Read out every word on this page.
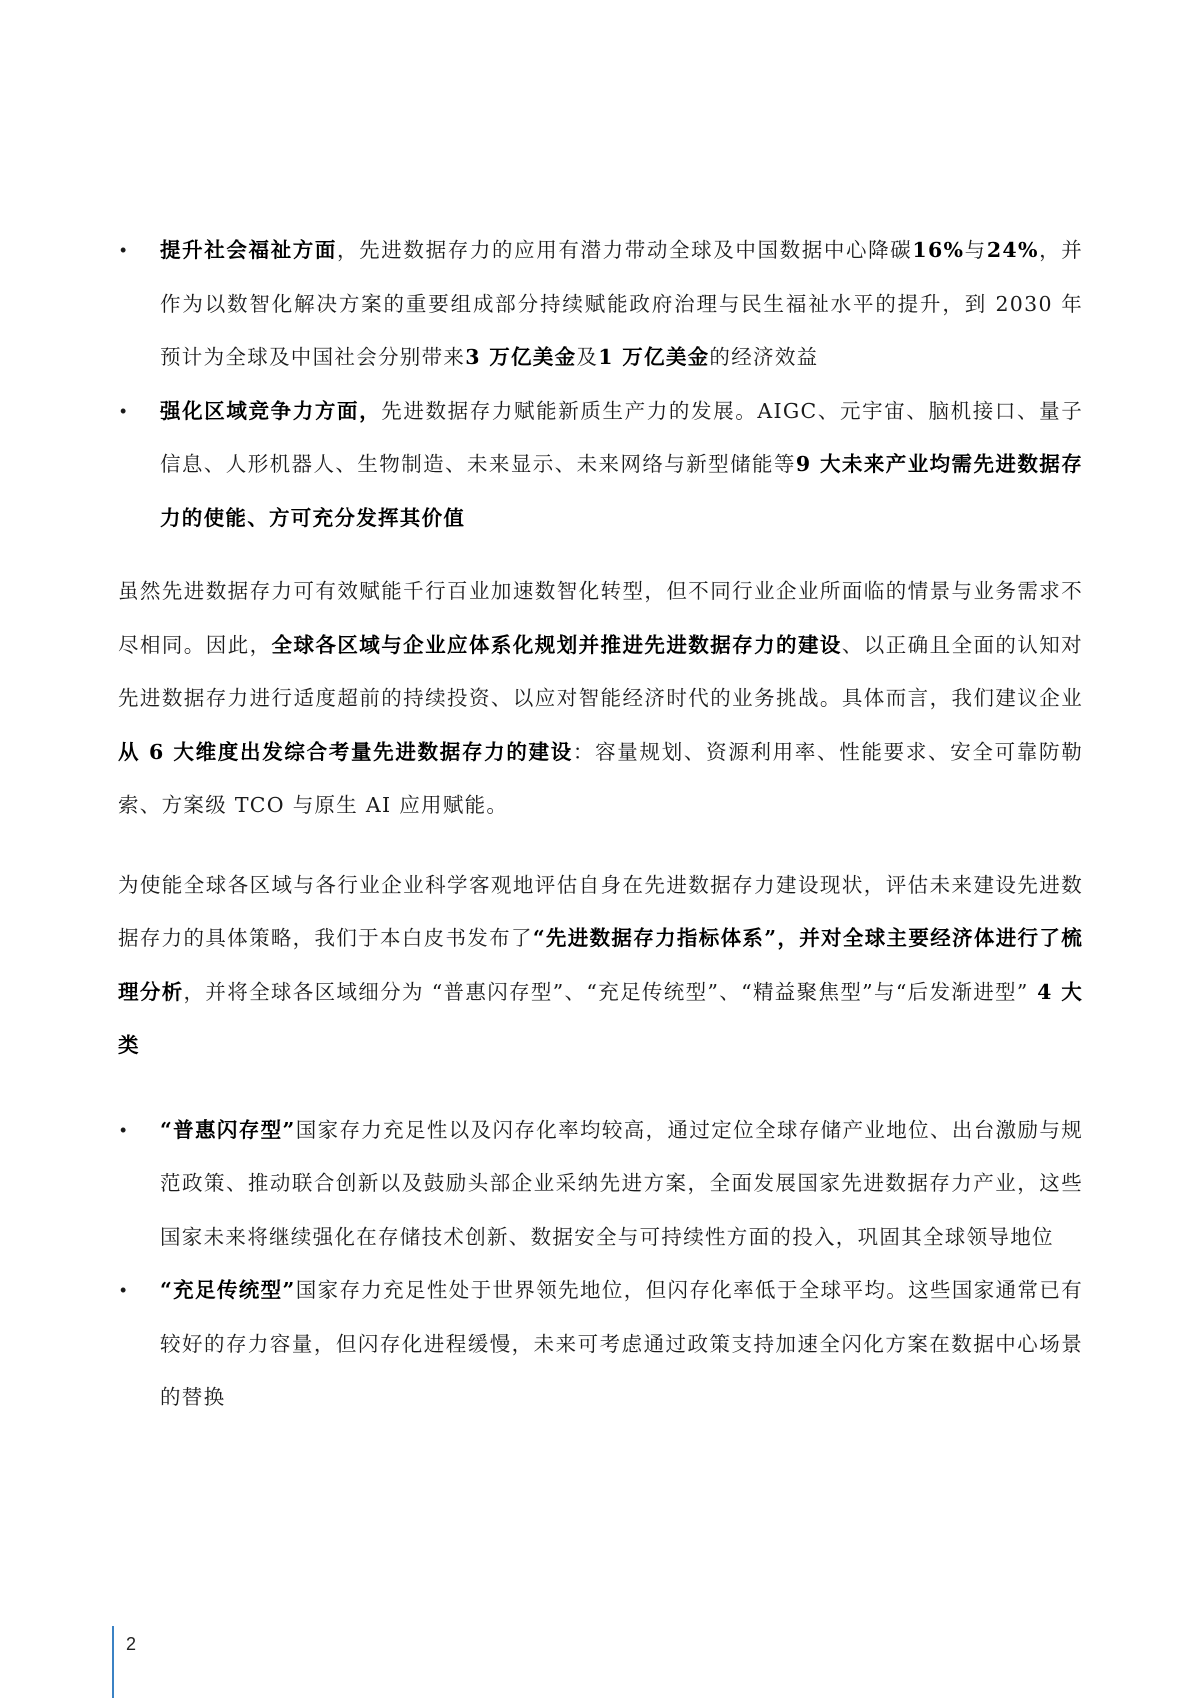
• 提升社会福祉方面，先进数据存力的应用有潜力带动全球及中国数据中心降碳16%与24%，并作为以数智化解决方案的重要组成部分持续赋能政府治理与民生福祉水平的提升，到 2030 年预计为全球及中国社会分别带来3 万亿美金及1 万亿美金的经济效益
• 强化区域竞争力方面，先进数据存力赋能新质生产力的发展。AIGC、元宇宙、脑机接口、量子信息、人形机器人、生物制造、未来显示、未来网络与新型储能等9 大未来产业均需先进数据存力的使能、方可充分发挥其价值

虽然先进数据存力可有效赋能千行百业加速数智化转型，但不同行业企业所面临的情景与业务需求不尽相同。因此，全球各区域与企业应体系化规划并推进先进数据存力的建设、以正确且全面的认知对先进数据存力进行适度超前的持续投资、以应对智能经济时代的业务挑战。具体而言，我们建议企业从 6 大维度出发综合考量先进数据存力的建设：容量规划、资源利用率、性能要求、安全可靠防勒索、方案级 TCO 与原生 AI 应用赋能。

为使能全球各区域与各行业企业科学客观地评估自身在先进数据存力建设现状，评估未来建设先进数据存力的具体策略，我们于本白皮书发布了“先进数据存力指标体系”，并对全球主要经济体进行了梳理分析，并将全球各区域细分为 “普惠闪存型”、“充足传统型”、“精益聚焦型”与“后发渐进型” 4 大类

• “普惠闪存型”国家存力充足性以及闪存化率均较高，通过定位全球存储产业地位、出台激励与规范政策、推动联合创新以及鼓励头部企业采纳先进方案，全面发展国家先进数据存力产业，这些国家未来将继续强化在存储技术创新、数据安全与可持续性方面的投入，巩固其全球领导地位
• “充足传统型”国家存力充足性处于世界领先地位，但闪存化率低于全球平均。这些国家通常已有较好的存力容量，但闪存化进程缓慢，未来可考虑通过政策支持加速全闪化方案在数据中心场景的替换
2
